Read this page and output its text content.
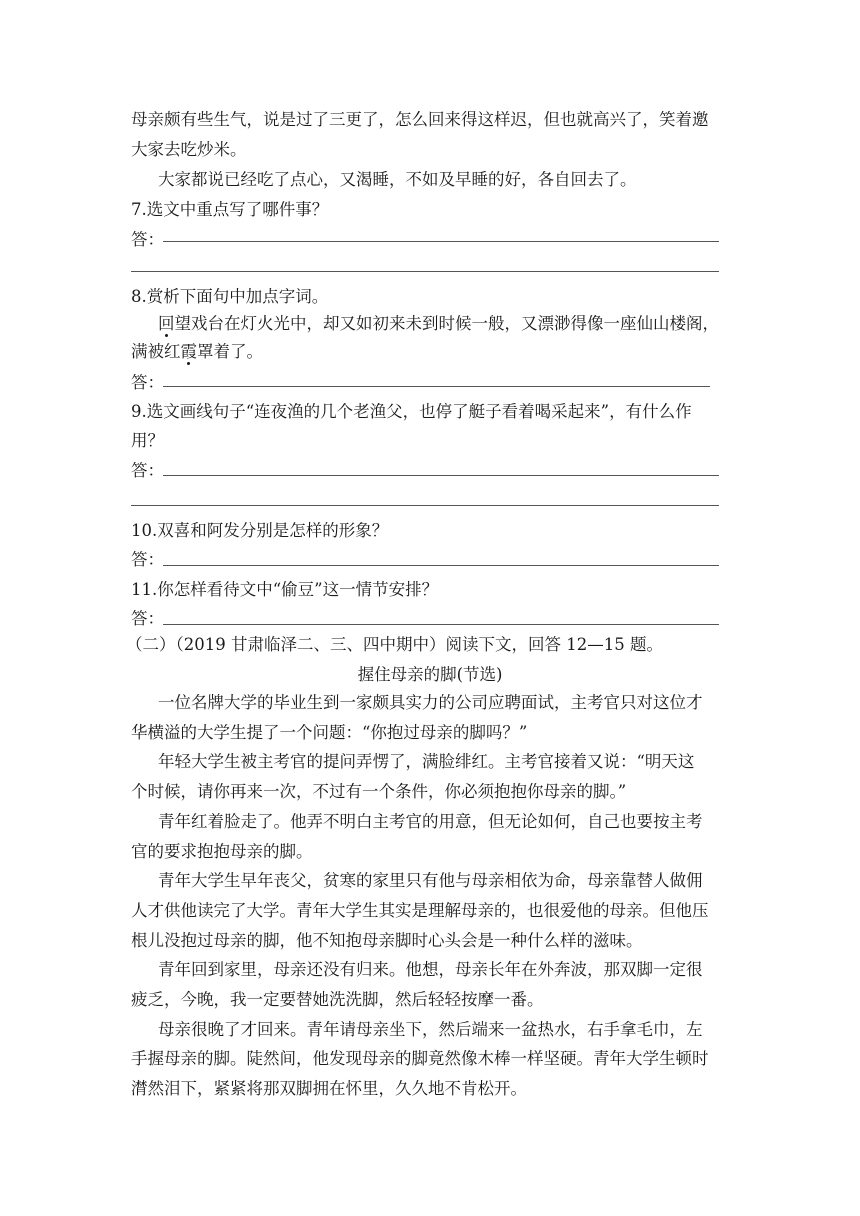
母亲颇有些生气，说是过了三更了，怎么回来得这样迟，但也就高兴了，笑着邀
大家去吃炒米。
大家都说已经吃了点心，又渴睡，不如及早睡的好，各自回去了。
7.选文中重点写了哪件事？
答：
8.赏析下面句中加点字词。
回望戏台在灯火光中，却又如初来未到时候一般，又漂渺得像一座仙山楼阁，
满被红霞罩着了。
答：
9.选文画线句子“连夜渔的几个老渔父，也停了艇子看着喝采起来”，有什么作
用？
答：
10.双喜和阿发分别是怎样的形象？
答：
11.你怎样看待文中“偷豆”这一情节安排？
答：
（二）（2019 甘肃临泽二、三、四中期中）阅读下文，回答 12—15 题。
握住母亲的脚(节选)
一位名牌大学的毕业生到一家颇具实力的公司应聘面试，主考官只对这位才
华横溢的大学生提了一个问题：“你抱过母亲的脚吗？”
年轻大学生被主考官的提问弄愣了，满脸绯红。主考官接着又说：“明天这
个时候，请你再来一次，不过有一个条件，你必须抱抱你母亲的脚。”
青年红着脸走了。他弄不明白主考官的用意，但无论如何，自己也要按主考
官的要求抱抱母亲的脚。
青年大学生早年丧父，贫寒的家里只有他与母亲相依为命，母亲靠替人做佣
人才供他读完了大学。青年大学生其实是理解母亲的，也很爱他的母亲。但他压
根儿没抱过母亲的脚，他不知抱母亲脚时心头会是一种什么样的滋味。
青年回到家里，母亲还没有归来。他想，母亲长年在外奔波，那双脚一定很
疲乏，今晚，我一定要替她洗洗脚，然后轻轻按摩一番。
母亲很晚了才回来。青年请母亲坐下，然后端来一盆热水，右手拿毛巾，左
手握母亲的脚。陡然间，他发现母亲的脚竟然像木棒一样坚硬。青年大学生顿时
潸然泪下，紧紧将那双脚拥在怀里，久久地不肯松开。
